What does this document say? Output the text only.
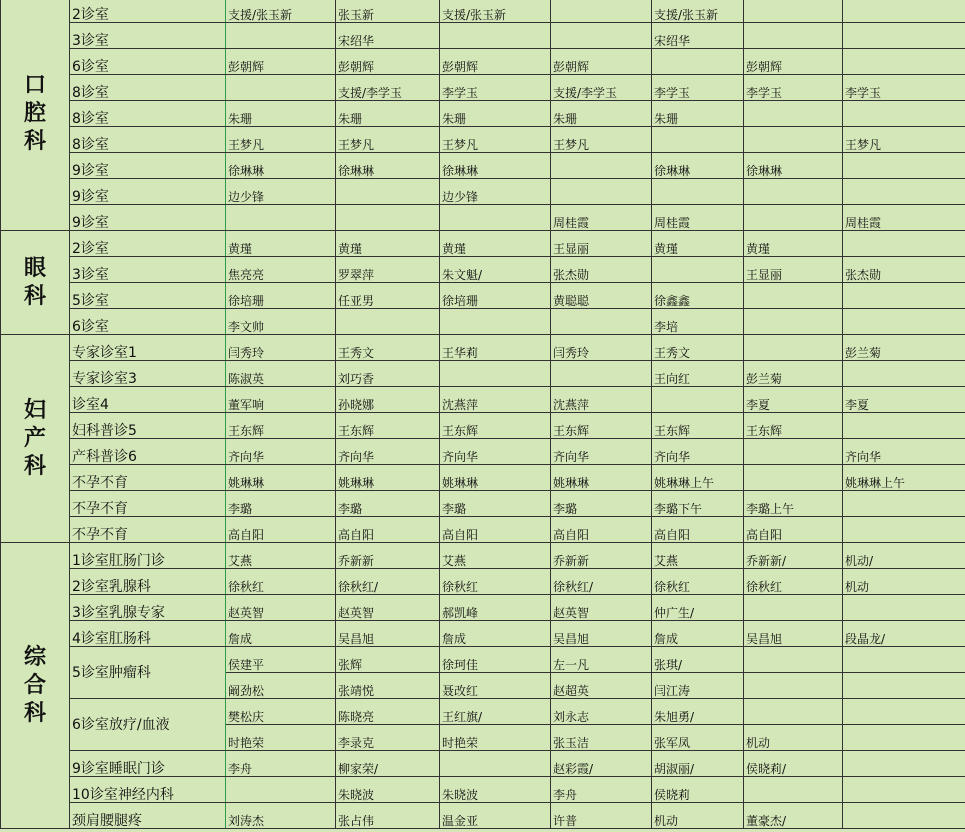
口腔科	2诊室	支援/张玉新	张玉新	支援/张玉新		支援/张玉新		
	3诊室		宋绍华			宋绍华		
	6诊室	彭朝辉	彭朝辉	彭朝辉	彭朝辉		彭朝辉	
	8诊室		支援/李学玉	李学玉	支援/李学玉	李学玉	李学玉	李学玉
	8诊室	朱珊	朱珊	朱珊	朱珊	朱珊		
	8诊室	王梦凡	王梦凡	王梦凡	王梦凡			王梦凡
	9诊室	徐琳琳	徐琳琳	徐琳琳		徐琳琳	徐琳琳	
	9诊室	边少锋		边少锋				
	9诊室				周桂霞	周桂霞		周桂霞
眼科	2诊室	黄瑾	黄瑾	黄瑾	王显丽	黄瑾	黄瑾	
	3诊室	焦亮亮	罗翠萍	朱文魁/	张杰勋		王显丽	张杰勋
	5诊室	徐培珊	任亚男	徐培珊	黄聪聪	徐鑫鑫		
	6诊室	李文帅				李培		
妇产科	专家诊室1	闫秀玲	王秀文	王华莉	闫秀玲	王秀文		彭兰菊
	专家诊室3	陈淑英	刘巧香			王向红	彭兰菊	
	诊室4	董军响	孙晓娜	沈燕萍	沈燕萍		李夏	李夏
	妇科普诊5	王东辉	王东辉	王东辉	王东辉	王东辉	王东辉	
	产科普诊6	齐向华	齐向华	齐向华	齐向华	齐向华		齐向华
	不孕不育	姚琳琳	姚琳琳	姚琳琳	姚琳琳	姚琳琳上午		姚琳琳上午
	不孕不育	李璐	李璐	李璐	李璐	李璐下午	李璐上午	
	不孕不育	高自阳	高自阳	高自阳	高自阳	高自阳	高自阳	
综合科	1诊室肛肠门诊	艾燕	乔新新	艾燕	乔新新	艾燕	乔新新/	机动/
	2诊室乳腺科	徐秋红	徐秋红/	徐秋红	徐秋红/	徐秋红	徐秋红	机动
	3诊室乳腺专家	赵英智	赵英智	郝凯峰	赵英智	仲广生/		
	4诊室肛肠科	詹成	吴昌旭	詹成	吴昌旭	詹成	吴昌旭	段晶龙/
	5诊室肿瘤科	侯建平	张辉	徐珂佳	左一凡	张琪/		
		阚劲松	张靖悦	聂改红	赵超英	闫江涛		
	6诊室放疗/血液	樊松庆	陈晓亮	王红旗/	刘永志	朱旭勇/		
		时艳荣	李录克	时艳荣	张玉洁	张军凤	机动	
	9诊室睡眠门诊	李舟	柳家荣/		赵彩霞/	胡淑丽/	侯晓莉/	
	10诊室神经内科		朱晓波	朱晓波	李舟	侯晓莉		
	颈肩腰腿疼	刘涛杰	张占伟	温金亚	许普	机动	董豪杰/	
